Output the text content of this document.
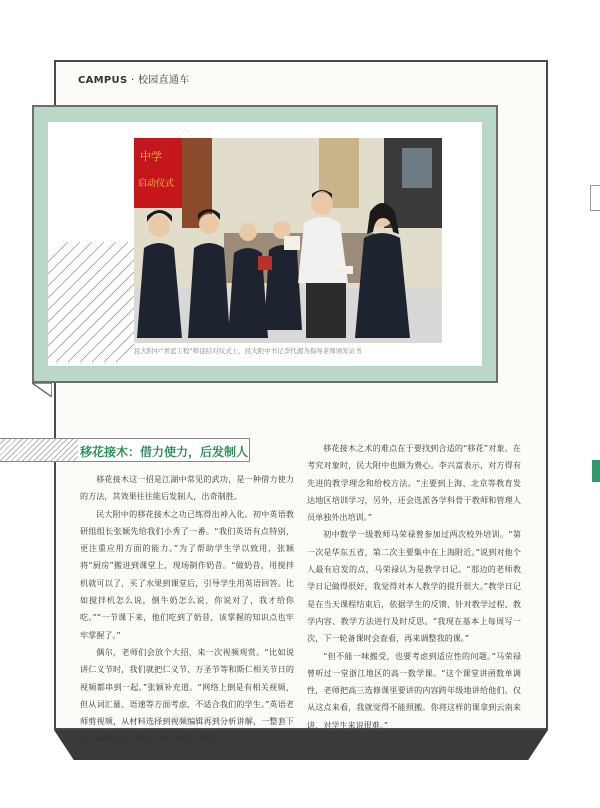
CAMPUS · 校园直通车
中学
启动仪式
民大附中“青蓝工程”师徒结对仪式上，民大附中书记李代源为指导老师颁发证书
移花接木：借力使力，后发制人

移花接木这一招是江湖中常见的武功，是一种借力使力的方法，其效果往往能后发制人，出奇制胜。

民大附中的移花接木之功已练得出神入化。初中英语教研组组长张颖先给我们小秀了一番。“我们英语有点特别，更注重应用方面的能力。”为了帮助学生学以致用，张颖将“厨房”搬进到课堂上，现场制作奶昔。“做奶昔，用搅拌机就可以了，买了水果到课堂后，引导学生用英语回答。比如搅拌机怎么说，倒牛奶怎么说，你说对了，我才给你吃。”“一节课下来，他们吃到了奶昔，该掌握的知识点也牢牢掌握了。”

偶尔，老师们会放个大招，来一次视频观赏。“比如说讲仁义节时，我们就把仁义节、万圣节等和斯仁相关节日的视频都串到一起。”张颖补充道。“网络上倒是有相关视频，但从词汇量、语速等方面考虑，不适合我们的学生。”英语老师剪视频，从材料选择到视频编辑再到分析讲解，一整套下来，跨界难度五颗星，教学效果五颗星。

移花接木之术的难点在于要找到合适的“移花”对象。在考究对象时，民大附中也颇为费心。李兴富表示，对方得有先进的教学理念和给校方法。“主要到上海、北京等教育发达地区培训学习，另外，还会选派各学科骨干教师和管理人员单独外出培训。”

初中数学一级教师马荣禄曾参加过两次校外培训。“第一次是华东五省，第二次主要集中在上海附近。”说到对他个人最有启发的点，马荣禄认为是教学日记。“那边的老师教学日记做得很好，我觉得对本人教学的提升很大。”教学日记是在当天课程结束后，依据学生的反馈，针对教学过程、教学内容、教学方法进行及时反思。“我现在基本上每周写一次，下一轮备课时会查看，再来调整我的课。”

“但不能一味搬受，也要考虑到适应性的问题。”马荣禄曾听过一堂浙江地区的高一数学课。“这个课堂讲函数单调性，老师把高三选修课里要讲的内容跨年级地讲给他们。仅从这点来看，我就觉得不能照搬。你将这样的课拿到云南来讲，对学生来说很难。”
